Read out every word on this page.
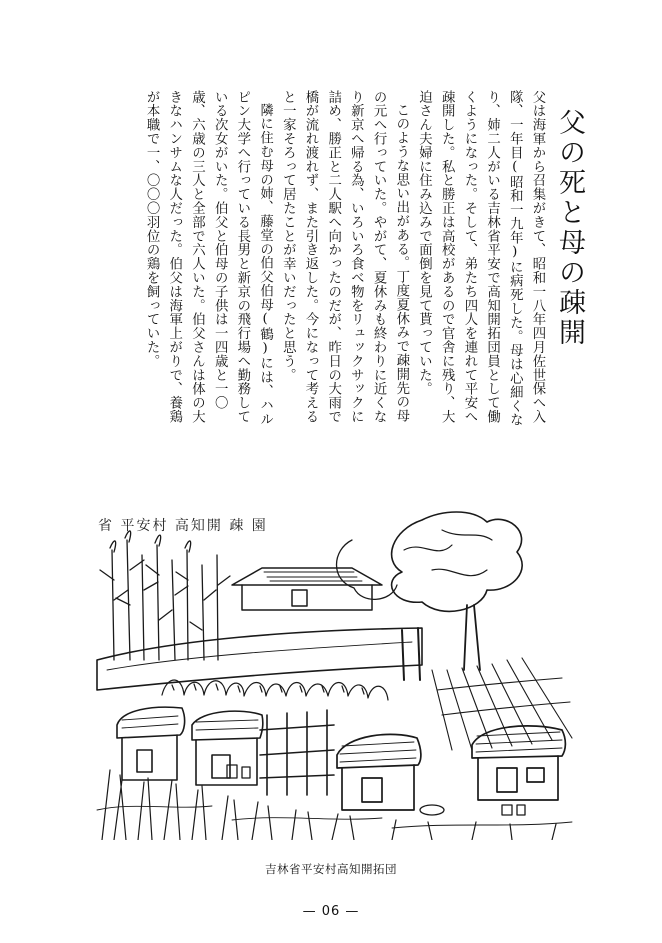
父の死と母の疎開

父は海軍から召集がきて、昭和一八年四月佐世保へ入隊、一年目(昭和一九年)に病死した。母は心細くなり、姉二人がいる吉林省平安で高知開拓団員として働くようになった。そして、弟たち四人を連れて平安へ疎開した。私と勝正は高校があるので官舎に残り、大迫さん夫婦に住み込みで面倒を見て貰っていた。

このような思い出がある。丁度夏休みで疎開先の母の元へ行っていた。やがて、夏休みも終わりに近くなり新京へ帰る為、いろいろ食べ物をリュックサックに詰め、勝正と二人駅へ向かったのだが、昨日の大雨で橋が流れ渡れず、また引き返した。今になって考えると一家そろって居たことが幸いだったと思う。

隣に住む母の姉、藤堂の伯父伯母(鶴)には、ハルピン大学へ行っている長男と新京の飛行場へ勤務している次女がいた。伯父と伯母の子供は一四歳と一〇歳、六歳の三人と全部で六人いた。伯父さんは体の大きなハンサムな人だった。伯父は海軍上がりで、養鶏が本職で一、〇〇〇羽位の鶏を飼っていた。

省 平安村 高知開 疎 園
吉林省平安村高知開拓団
— 06 —
